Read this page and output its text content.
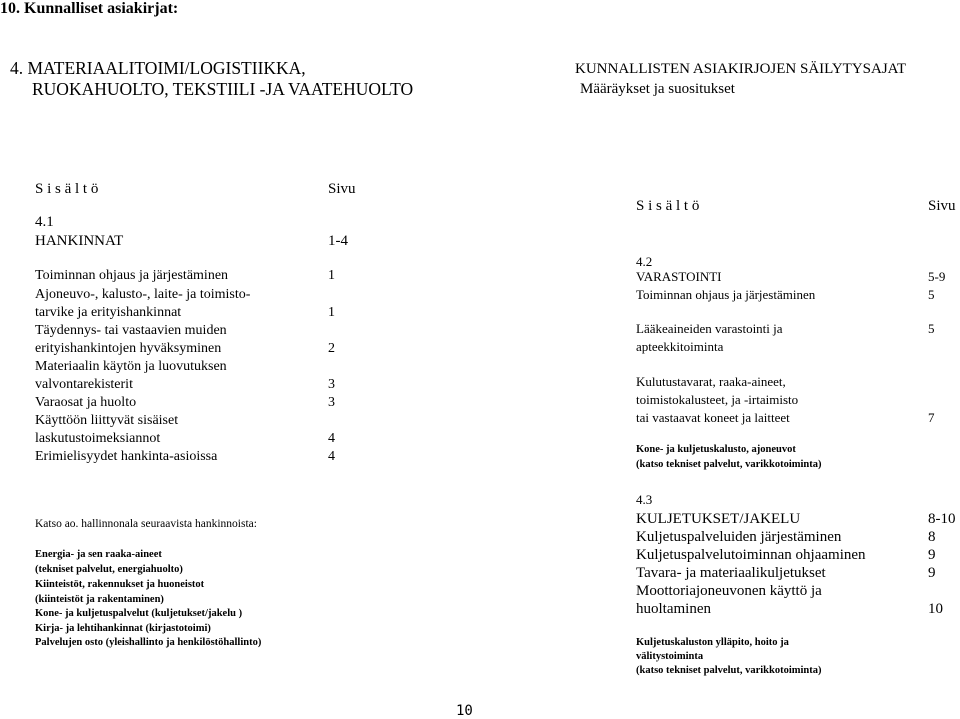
10. Kunnalliset asiakirjat:
4. MATERIAALITOIMI/LOGISTIIKKA,
RUOKAHUOLTO, TEKSTIILI -JA VAATEHUOLTO
KUNNALLISTEN ASIAKIRJOJEN SÄILYTYSAJAT
Määräykset ja suositukset
S i s ä l t ö	Sivu
4.1
HANKINNAT	1-4
Toiminnan ohjaus ja järjestäminen	1
Ajoneuvo-, kalusto-, laite- ja toimisto-
tarvike ja erityishankinnat	1
Täydennys- tai vastaavien muiden
erityishankintojen hyväksyminen	2
Materiaalin käytön ja luovutuksen
valvontarekisterit	3
Varaosat ja huolto	3
Käyttöön liittyvät sisäiset
laskutustoimeksiannot	4
Erimielisyydet hankinta-asioissa	4
Katso ao. hallinnonala seuraavista hankinnoista:
Energia- ja sen raaka-aineet
(tekniset palvelut, energiahuolto)
Kiinteistöt, rakennukset ja huoneistot
(kiinteistöt ja rakentaminen)
Kone- ja kuljetuspalvelut (kuljetukset/jakelu )
Kirja- ja lehtihankinnat (kirjastotoimi)
Palvelujen osto (yleishallinto ja henkilöstöhallinto)
S i s ä l t ö	Sivu
4.2
VARASTOINTI	5-9
Toiminnan ohjaus ja järjestäminen	5
Lääkeaineiden varastointi ja	5
apteekkitoiminta
Kulutustavarat, raaka-aineet,
toimistokalusteet, ja -irtaimisto
tai vastaavat koneet ja laitteet	7
Kone- ja kuljetuskalusto, ajoneuvot
(katso tekniset palvelut, varikkotoiminta)
4.3
KULJETUKSET/JAKELU	8-10
Kuljetuspalveluiden järjestäminen	8
Kuljetuspalvelutoiminnan ohjaaminen	9
Tavara- ja materiaalikuljetukset	9
Moottoriajoneuvonen käyttö ja
huoltaminen	10
Kuljetuskaluston ylläpito, hoito ja
välitystoiminta
(katso tekniset palvelut, varikkotoiminta)
10
